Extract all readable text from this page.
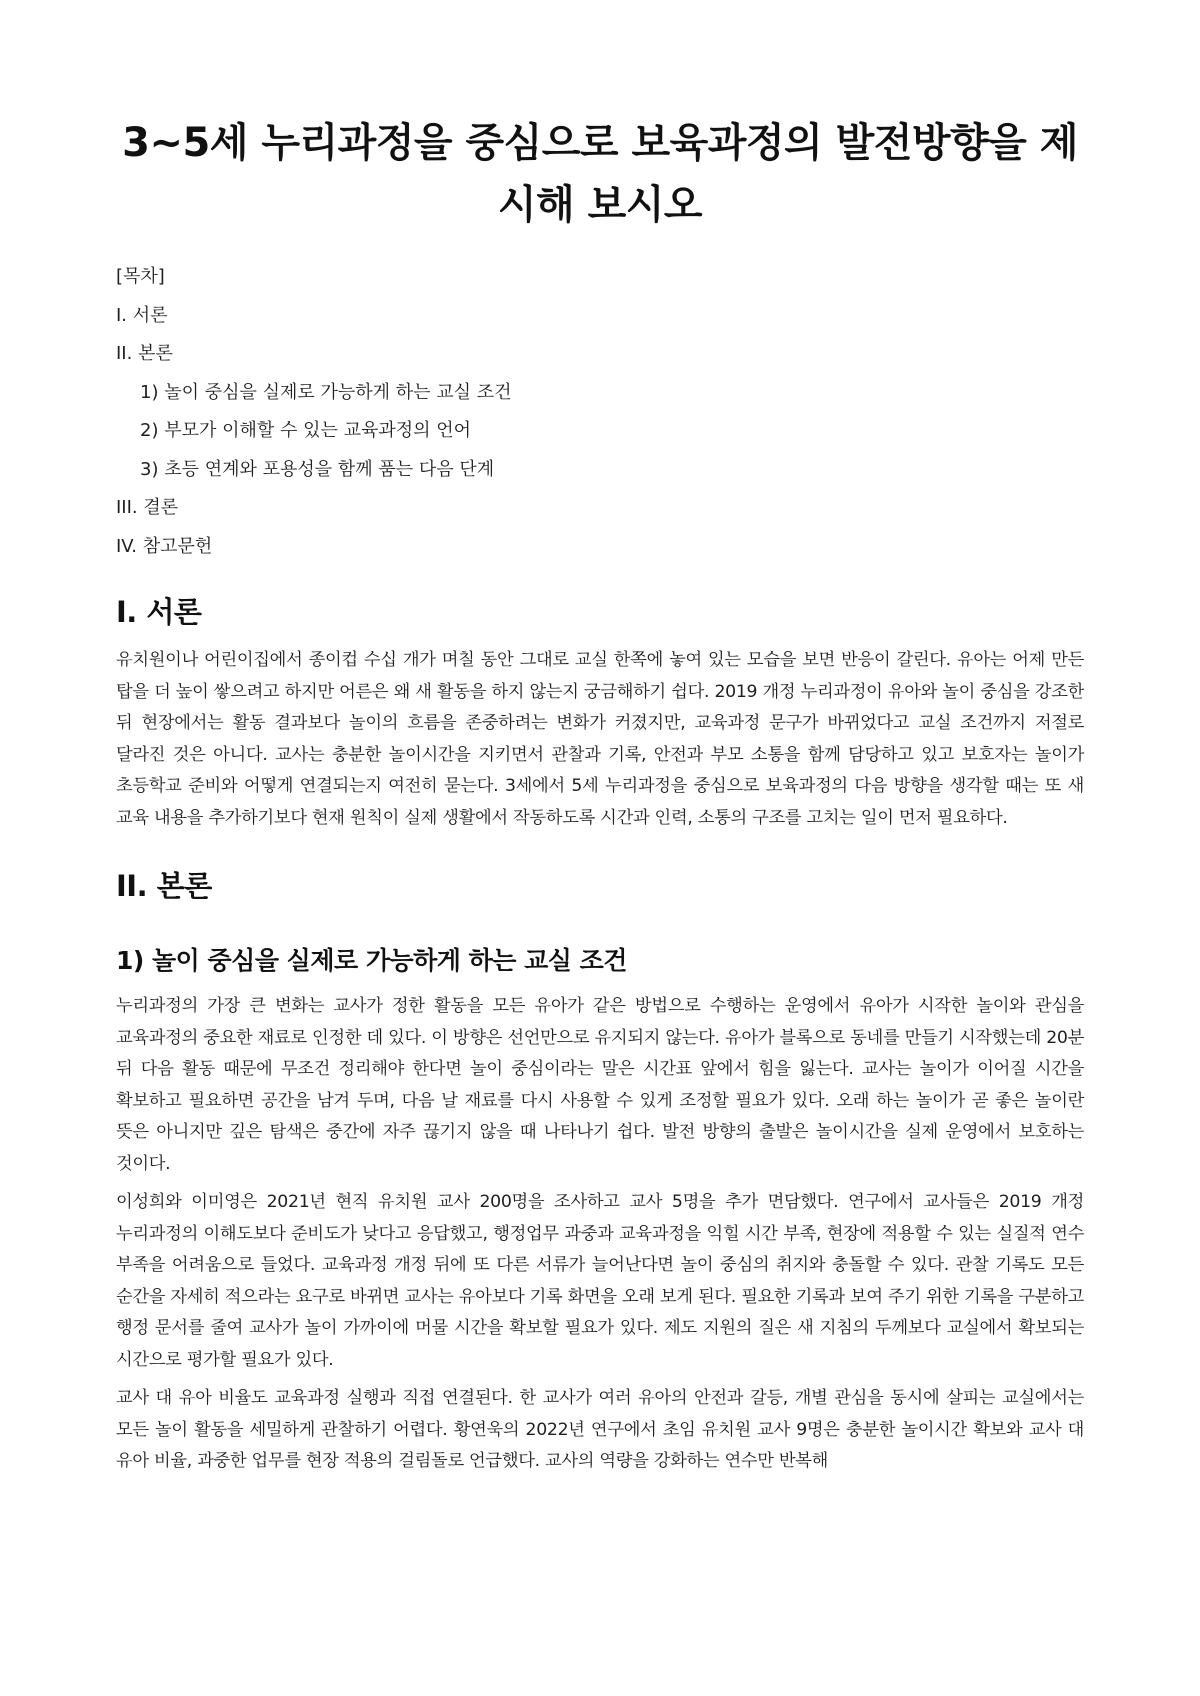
3~5세 누리과정을 중심으로 보육과정의 발전방향을 제시해 보시오
[목차]
I. 서론
II. 본론
1) 놀이 중심을 실제로 가능하게 하는 교실 조건
2) 부모가 이해할 수 있는 교육과정의 언어
3) 초등 연계와 포용성을 함께 품는 다음 단계
III. 결론
IV. 참고문헌
I. 서론

유치원이나 어린이집에서 종이컵 수십 개가 며칠 동안 그대로 교실 한쪽에 놓여 있는 모습을 보면 반응이 갈린다. 유아는 어제 만든 탑을 더 높이 쌓으려고 하지만 어른은 왜 새 활동을 하지 않는지 궁금해하기 쉽다. 2019 개정 누리과정이 유아와 놀이 중심을 강조한 뒤 현장에서는 활동 결과보다 놀이의 흐름을 존중하려는 변화가 커졌지만, 교육과정 문구가 바뀌었다고 교실 조건까지 저절로 달라진 것은 아니다. 교사는 충분한 놀이시간을 지키면서 관찰과 기록, 안전과 부모 소통을 함께 담당하고 있고 보호자는 놀이가 초등학교 준비와 어떻게 연결되는지 여전히 묻는다. 3세에서 5세 누리과정을 중심으로 보육과정의 다음 방향을 생각할 때는 또 새 교육 내용을 추가하기보다 현재 원칙이 실제 생활에서 작동하도록 시간과 인력, 소통의 구조를 고치는 일이 먼저 필요하다.

II. 본론
1) 놀이 중심을 실제로 가능하게 하는 교실 조건

누리과정의 가장 큰 변화는 교사가 정한 활동을 모든 유아가 같은 방법으로 수행하는 운영에서 유아가 시작한 놀이와 관심을 교육과정의 중요한 재료로 인정한 데 있다. 이 방향은 선언만으로 유지되지 않는다. 유아가 블록으로 동네를 만들기 시작했는데 20분 뒤 다음 활동 때문에 무조건 정리해야 한다면 놀이 중심이라는 말은 시간표 앞에서 힘을 잃는다. 교사는 놀이가 이어질 시간을 확보하고 필요하면 공간을 남겨 두며, 다음 날 재료를 다시 사용할 수 있게 조정할 필요가 있다. 오래 하는 놀이가 곧 좋은 놀이란 뜻은 아니지만 깊은 탐색은 중간에 자주 끊기지 않을 때 나타나기 쉽다. 발전 방향의 출발은 놀이시간을 실제 운영에서 보호하는 것이다.

이성희와 이미영은 2021년 현직 유치원 교사 200명을 조사하고 교사 5명을 추가 면담했다. 연구에서 교사들은 2019 개정 누리과정의 이해도보다 준비도가 낮다고 응답했고, 행정업무 과중과 교육과정을 익힐 시간 부족, 현장에 적용할 수 있는 실질적 연수 부족을 어려움으로 들었다. 교육과정 개정 뒤에 또 다른 서류가 늘어난다면 놀이 중심의 취지와 충돌할 수 있다. 관찰 기록도 모든 순간을 자세히 적으라는 요구로 바뀌면 교사는 유아보다 기록 화면을 오래 보게 된다. 필요한 기록과 보여 주기 위한 기록을 구분하고 행정 문서를 줄여 교사가 놀이 가까이에 머물 시간을 확보할 필요가 있다. 제도 지원의 질은 새 지침의 두께보다 교실에서 확보되는 시간으로 평가할 필요가 있다.

교사 대 유아 비율도 교육과정 실행과 직접 연결된다. 한 교사가 여러 유아의 안전과 갈등, 개별 관심을 동시에 살피는 교실에서는 모든 놀이 활동을 세밀하게 관찰하기 어렵다. 황연욱의 2022년 연구에서 초임 유치원 교사 9명은 충분한 놀이시간 확보와 교사 대 유아 비율, 과중한 업무를 현장 적용의 걸림돌로 언급했다. 교사의 역량을 강화하는 연수만 반복해
